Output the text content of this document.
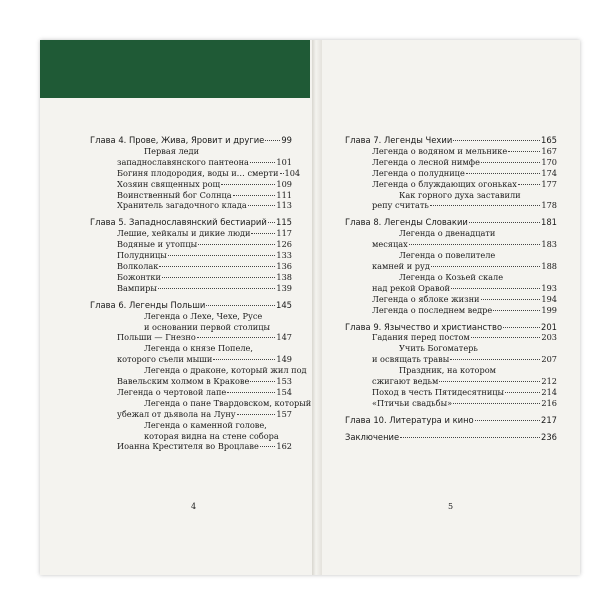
Глава 4. Прове, Жива, Яровит и другие 99
Первая леди
западнославянского пантеона	101
Богиня плодородия, воды и… смерти 104
Хозяин священных рощ	109
Воинственный бог Солнца	111
Хранитель загадочного клада	113
Глава 5. Западнославянский бестиарий 115
Лешие, хейкалы и дикие люди	117
Водяные и утопцы	126
Полудницы	133
Волколак	136
Божонтки	138
Вампиры	139
Глава 6. Легенды Польши	145
Легенда о Лехе, Чехе, Русе
и основании первой столицы
Польши — Гнезно	147
Легенда о князе Попеле,
которого съели мыши	149
Легенда о драконе, который жил под
Вавельским холмом в Кракове	153
Легенда о чертовой лапе	154
Легенда о пане Твардовском, который
убежал от дьявола на Луну	157
Легенда о каменной голове,
которая видна на стене собора
Иоанна Крестителя во Вроцлаве 162
Глава 7. Легенды Чехии	165
Легенда о водяном и мельнике	167
Легенда о лесной нимфе	170
Легенда о полуднице	174
Легенда о блуждающих огоньках	177
Как горного духа заставили
репу считать	178
Глава 8. Легенды Словакии	181
Легенда о двенадцати
месяцах	183
Легенда о повелителе
камней и руд	188
Легенда о Козьей скале
над рекой Оравой	193
Легенда о яблоке жизни	194
Легенда о последнем ведре	199
Глава 9. Язычество и христианство	201
Гадания перед постом	203
Учить Богоматерь
и освящать травы	207
Праздник, на котором
сжигают ведьм	212
Поход в честь Пятидесятницы	214
«Птичьи свадьбы»	216
Глава 10. Литература и кино	217
Заключение	236
4	5
